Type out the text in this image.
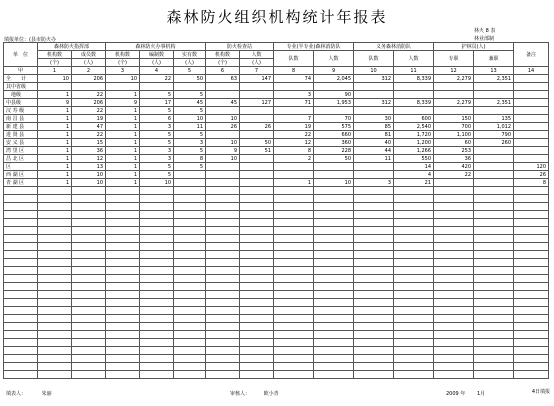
森林防火组织机构统计年报表
林火 8 表
林业部制
填报单位：(县市防火办
单　位	森林防火指挥部		森林防火办事机构			防火检查站		专业(半专业)森林消防队		义务森林消防队		护林员(人)		备注
	机构数	成员数	机构数	编制数	实有数	机构数	人数	队数	人数	队数	人数	专职	兼职	
	(个)	(人)	(个)	(人)	(人)	(个)	(人)							
甲	1	2	3	4	5	6	7	8	9	10	11	12	13	14
全　　计	10	206	10	22	50	63	147	74	2,045	312	8,339	2,279	2,351	
其中省级														
　地级	1	22	1	5	5			3	90					
中县级	9	206	9	17	45	45	127	71	1,953	312	8,339	2,279	2,351	
汉 寿 级	1	22	1	5	5									
南 昌 县	1	19	1	6	10	10		7	70	30	600	150	135	
新 建 县	1	47	1	3	11	26	26	19	575	85	2,540	700	1,012	
进 贤 县	1	22	1	5	5			22	660	81	1,720	1,100	790	
安 义 县	1	15	1	5	3	10	50	12	360	40	1,200	60	260	
湾 里 区	1	36	1	3	5	9	51	8	228	44	1,266	253		
昌 北 区	1	12	1	3	8	10		2	50	11	550	36		
区	1	13	1	5	5						14	420		120
西 湖 区	1	10	1	5							4	22		26
青 湖 区	1	10	1	10				1	10	3	21			8

填表人：	朱丽	审核人：	欧小青	2009 年 1月	4日填报
